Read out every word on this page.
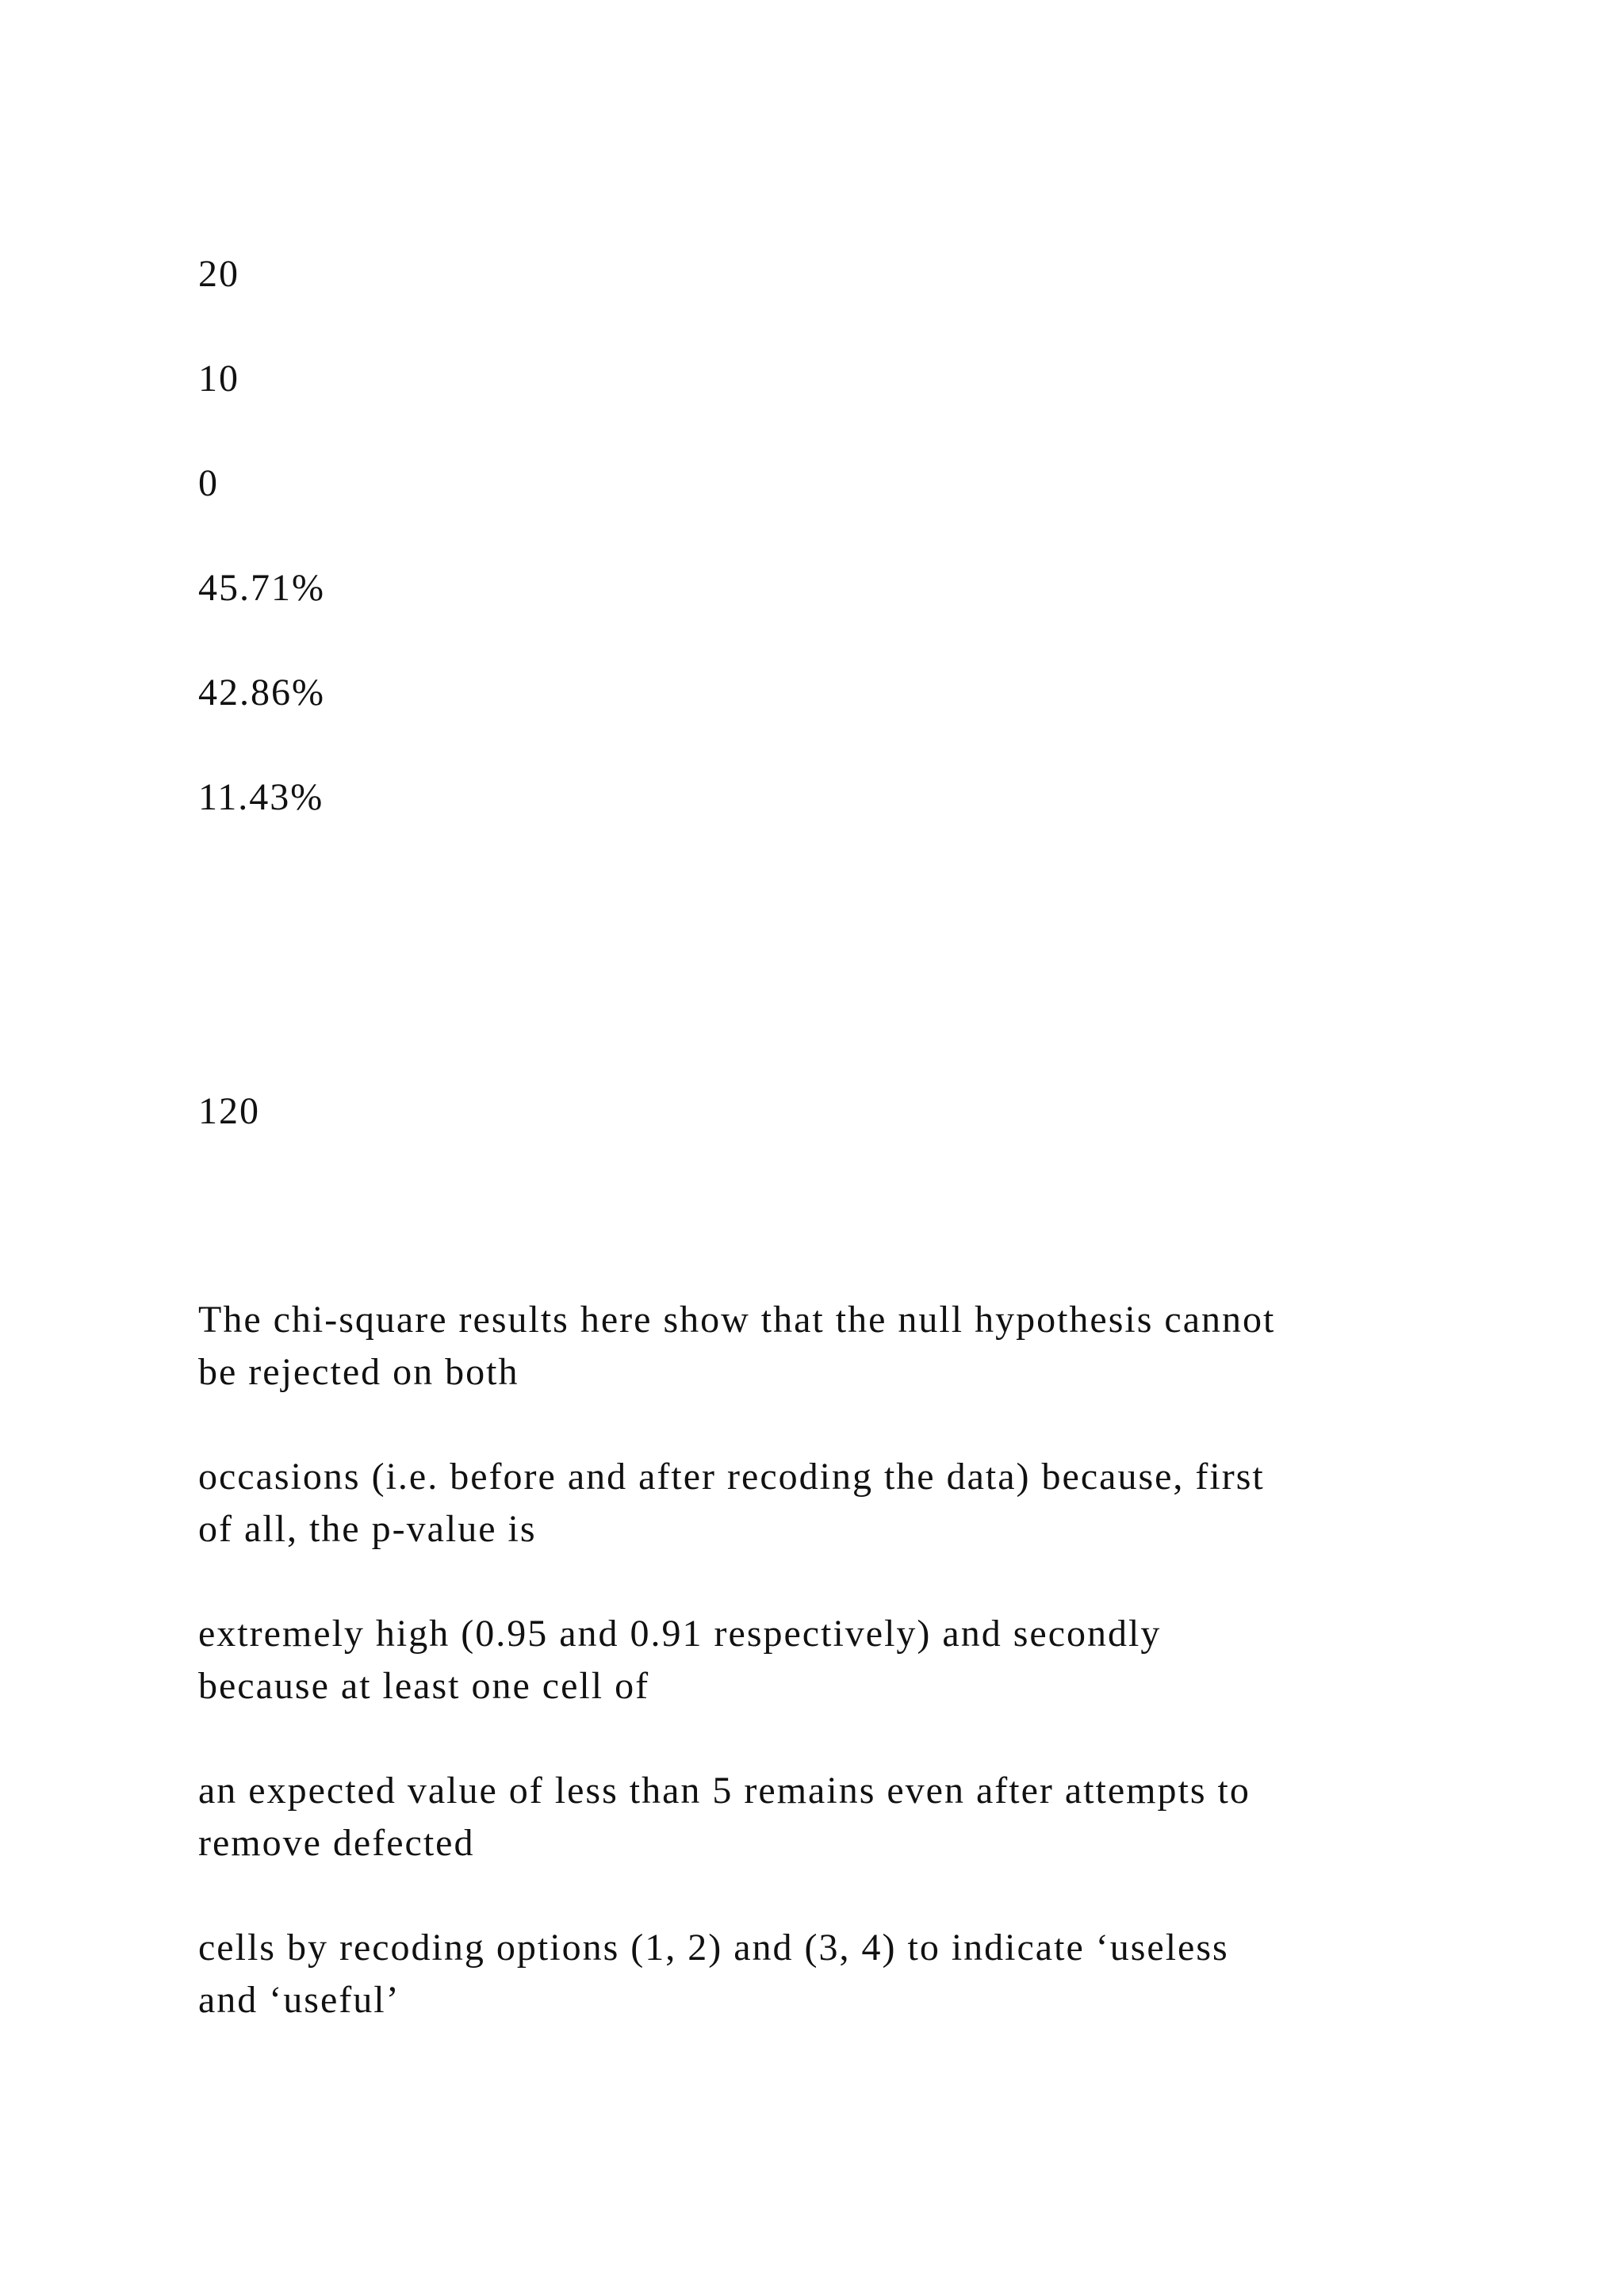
20
10
0
45.71%
42.86%
11.43%
120
The chi-square results here show that the null hypothesis cannot
be rejected on both
occasions (i.e. before and after recoding the data) because, first
of all, the p-value is
extremely high (0.95 and 0.91 respectively) and secondly
because at least one cell of
an expected value of less than 5 remains even after attempts to
remove defected
cells by recoding options (1, 2) and (3, 4) to indicate ‘useless
and ‘useful’
